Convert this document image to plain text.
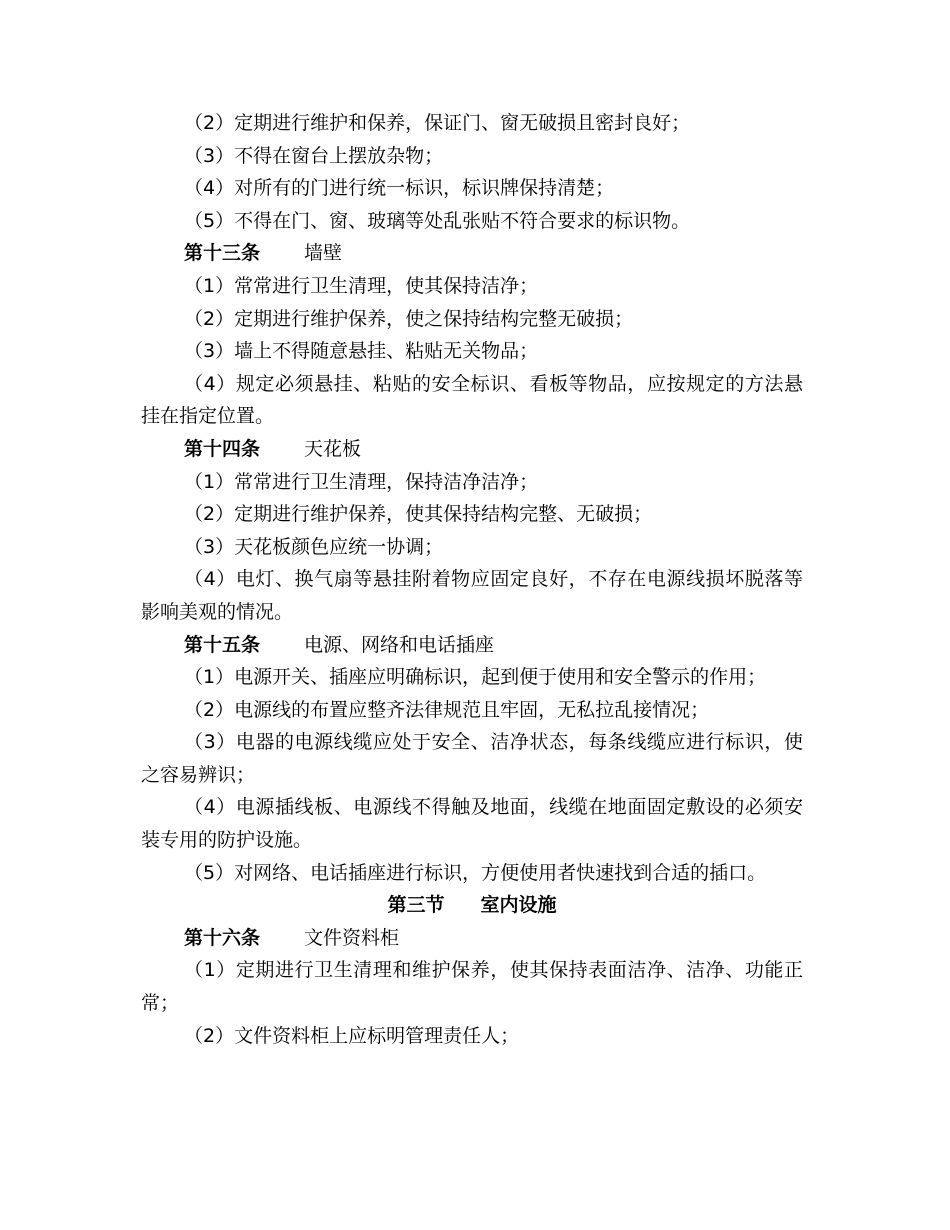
（2）定期进行维护和保养，保证门、窗无破损且密封良好；
（3）不得在窗台上摆放杂物；
（4）对所有的门进行统一标识，标识牌保持清楚；
（5）不得在门、窗、玻璃等处乱张贴不符合要求的标识物。
第十三条 墙壁
（1）常常进行卫生清理，使其保持洁净；
（2）定期进行维护保养，使之保持结构完整无破损；
（3）墙上不得随意悬挂、粘贴无关物品；
（4）规定必须悬挂、粘贴的安全标识、看板等物品，应按规定的方法悬挂在指定位置。
第十四条 天花板
（1）常常进行卫生清理，保持洁净洁净；
（2）定期进行维护保养，使其保持结构完整、无破损；
（3）天花板颜色应统一协调；
（4）电灯、换气扇等悬挂附着物应固定良好，不存在电源线损坏脱落等影响美观的情况。
第十五条 电源、网络和电话插座
（1）电源开关、插座应明确标识，起到便于使用和安全警示的作用；
（2）电源线的布置应整齐法律规范且牢固，无私拉乱接情况；
（3）电器的电源线缆应处于安全、洁净状态，每条线缆应进行标识，使之容易辨识；
（4）电源插线板、电源线不得触及地面，线缆在地面固定敷设的必须安装专用的防护设施。
（5）对网络、电话插座进行标识，方便使用者快速找到合适的插口。
第三节 室内设施
第十六条 文件资料柜
（1）定期进行卫生清理和维护保养，使其保持表面洁净、洁净、功能正常；
（2）文件资料柜上应标明管理责任人；
